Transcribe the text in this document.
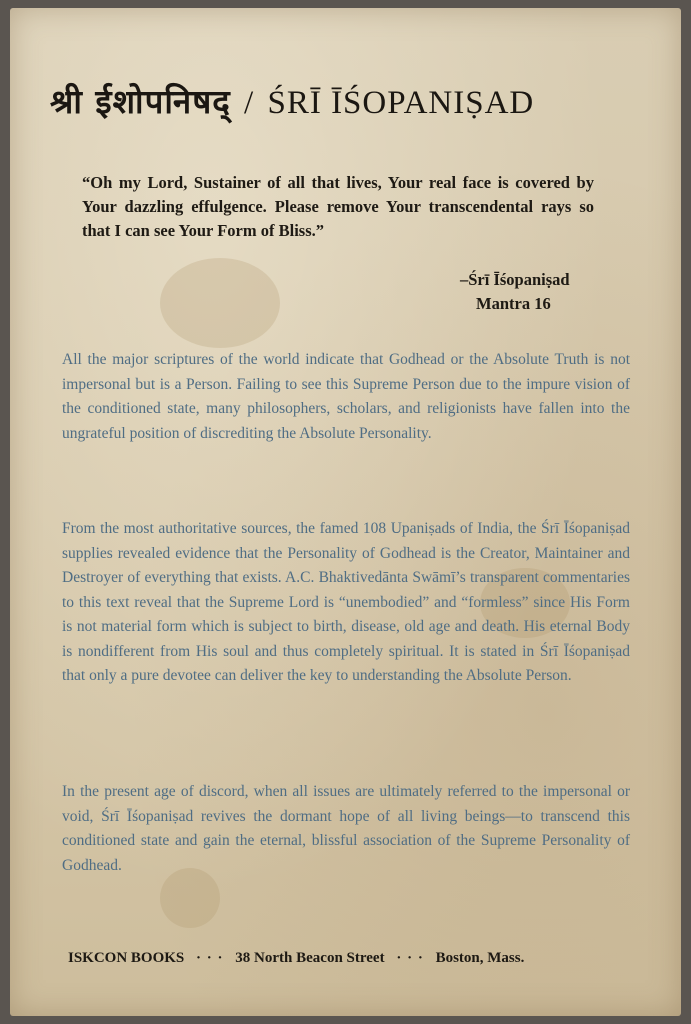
श्री ईशोपनिषद् / ŚRĪ ĪŚOPANIṢAD
“Oh my Lord, Sustainer of all that lives, Your real face is covered by Your dazzling effulgence. Please remove Your transcendental rays so that I can see Your Form of Bliss.”
–Śrī Īśopaniṣad
Mantra 16
All the major scriptures of the world indicate that Godhead or the Absolute Truth is not impersonal but is a Person. Failing to see this Supreme Person due to the impure vision of the conditioned state, many philosophers, scholars, and religionists have fallen into the ungrateful position of discrediting the Absolute Personality.
From the most authoritative sources, the famed 108 Upaniṣads of India, the Śrī Īśopaniṣad supplies revealed evidence that the Personality of Godhead is the Creator, Maintainer and Destroyer of everything that exists. A.C. Bhaktivedānta Swāmī’s transparent commentaries to this text reveal that the Supreme Lord is “unembodied” and “formless” since His Form is not material form which is subject to birth, disease, old age and death. His eternal Body is nondifferent from His soul and thus completely spiritual. It is stated in Śrī Īśopaniṣad that only a pure devotee can deliver the key to understanding the Absolute Person.
In the present age of discord, when all issues are ultimately referred to the impersonal or void, Śrī Īśopaniṣad revives the dormant hope of all living beings—to transcend this conditioned state and gain the eternal, blissful association of the Supreme Personality of Godhead.
ISKCON BOOKS · · · 38 North Beacon Street · · · Boston, Mass.
